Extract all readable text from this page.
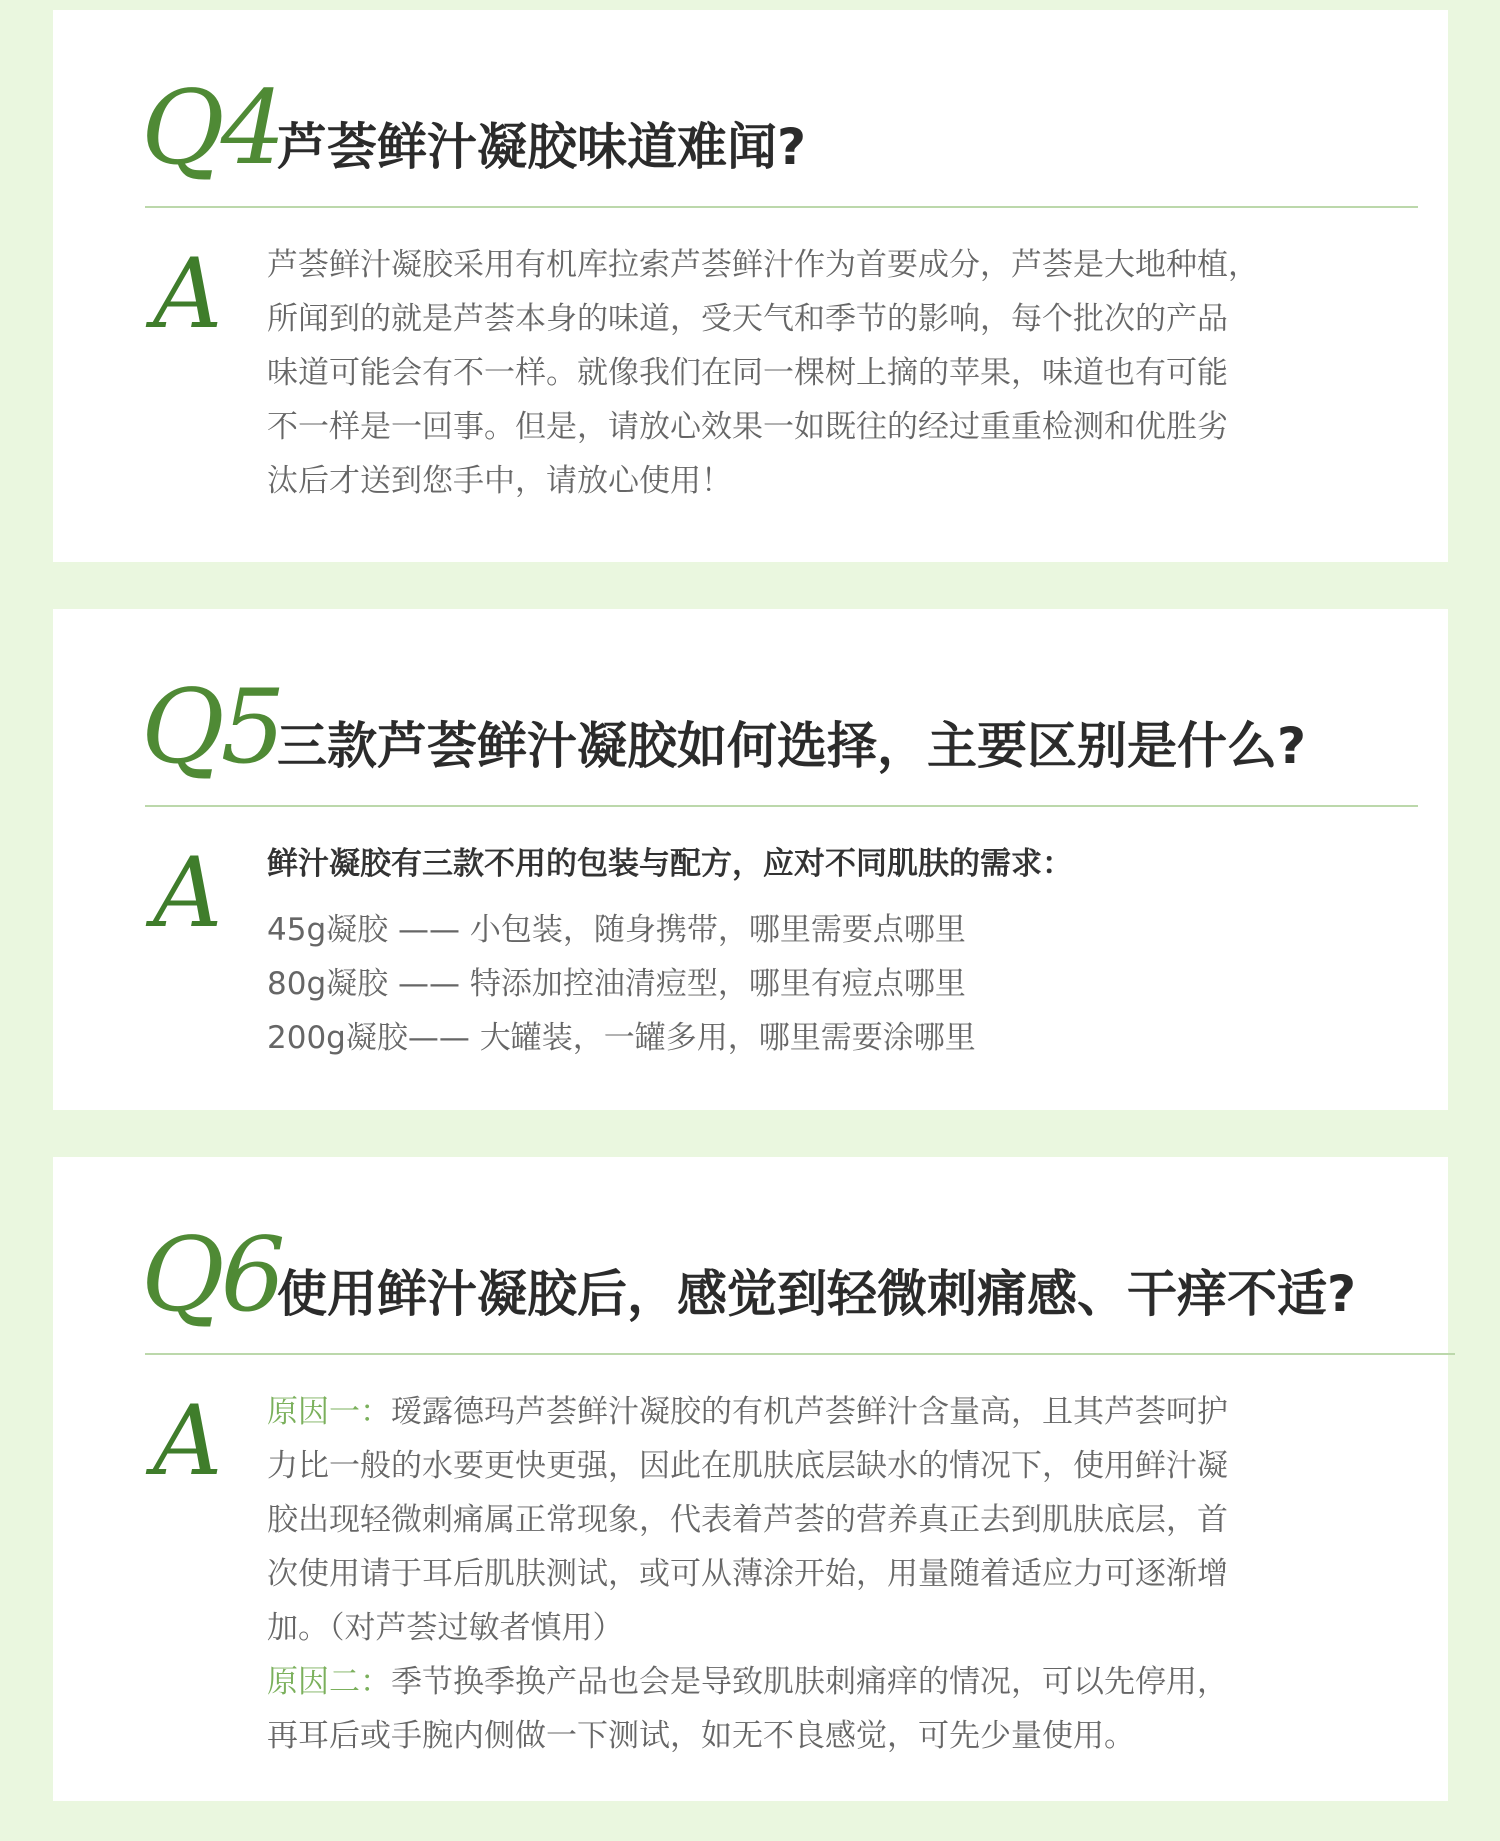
Q4
芦荟鲜汁凝胶味道难闻?
A 芦荟鲜汁凝胶采用有机库拉索芦荟鲜汁作为首要成分，芦荟是大地种植，
所闻到的就是芦荟本身的味道，受天气和季节的影响，每个批次的产品
味道可能会有不一样。就像我们在同一棵树上摘的苹果，味道也有可能
不一样是一回事。但是，请放心效果一如既往的经过重重检测和优胜劣
汰后才送到您手中，请放心使用！
Q5
三款芦荟鲜汁凝胶如何选择，主要区别是什么?
A 鲜汁凝胶有三款不用的包装与配方，应对不同肌肤的需求：
45g凝胶 —— 小包装，随身携带，哪里需要点哪里
80g凝胶 —— 特添加控油清痘型，哪里有痘点哪里
200g凝胶—— 大罐装，一罐多用，哪里需要涂哪里
Q6
使用鲜汁凝胶后，感觉到轻微刺痛感、干痒不适?
A 原因一：瑷露德玛芦荟鲜汁凝胶的有机芦荟鲜汁含量高，且其芦荟呵护
力比一般的水要更快更强，因此在肌肤底层缺水的情况下，使用鲜汁凝
胶出现轻微刺痛属正常现象，代表着芦荟的营养真正去到肌肤底层，首
次使用请于耳后肌肤测试，或可从薄涂开始，用量随着适应力可逐渐增
加。（对芦荟过敏者慎用）
原因二：季节换季换产品也会是导致肌肤刺痛痒的情况，可以先停用，
再耳后或手腕内侧做一下测试，如无不良感觉，可先少量使用。
